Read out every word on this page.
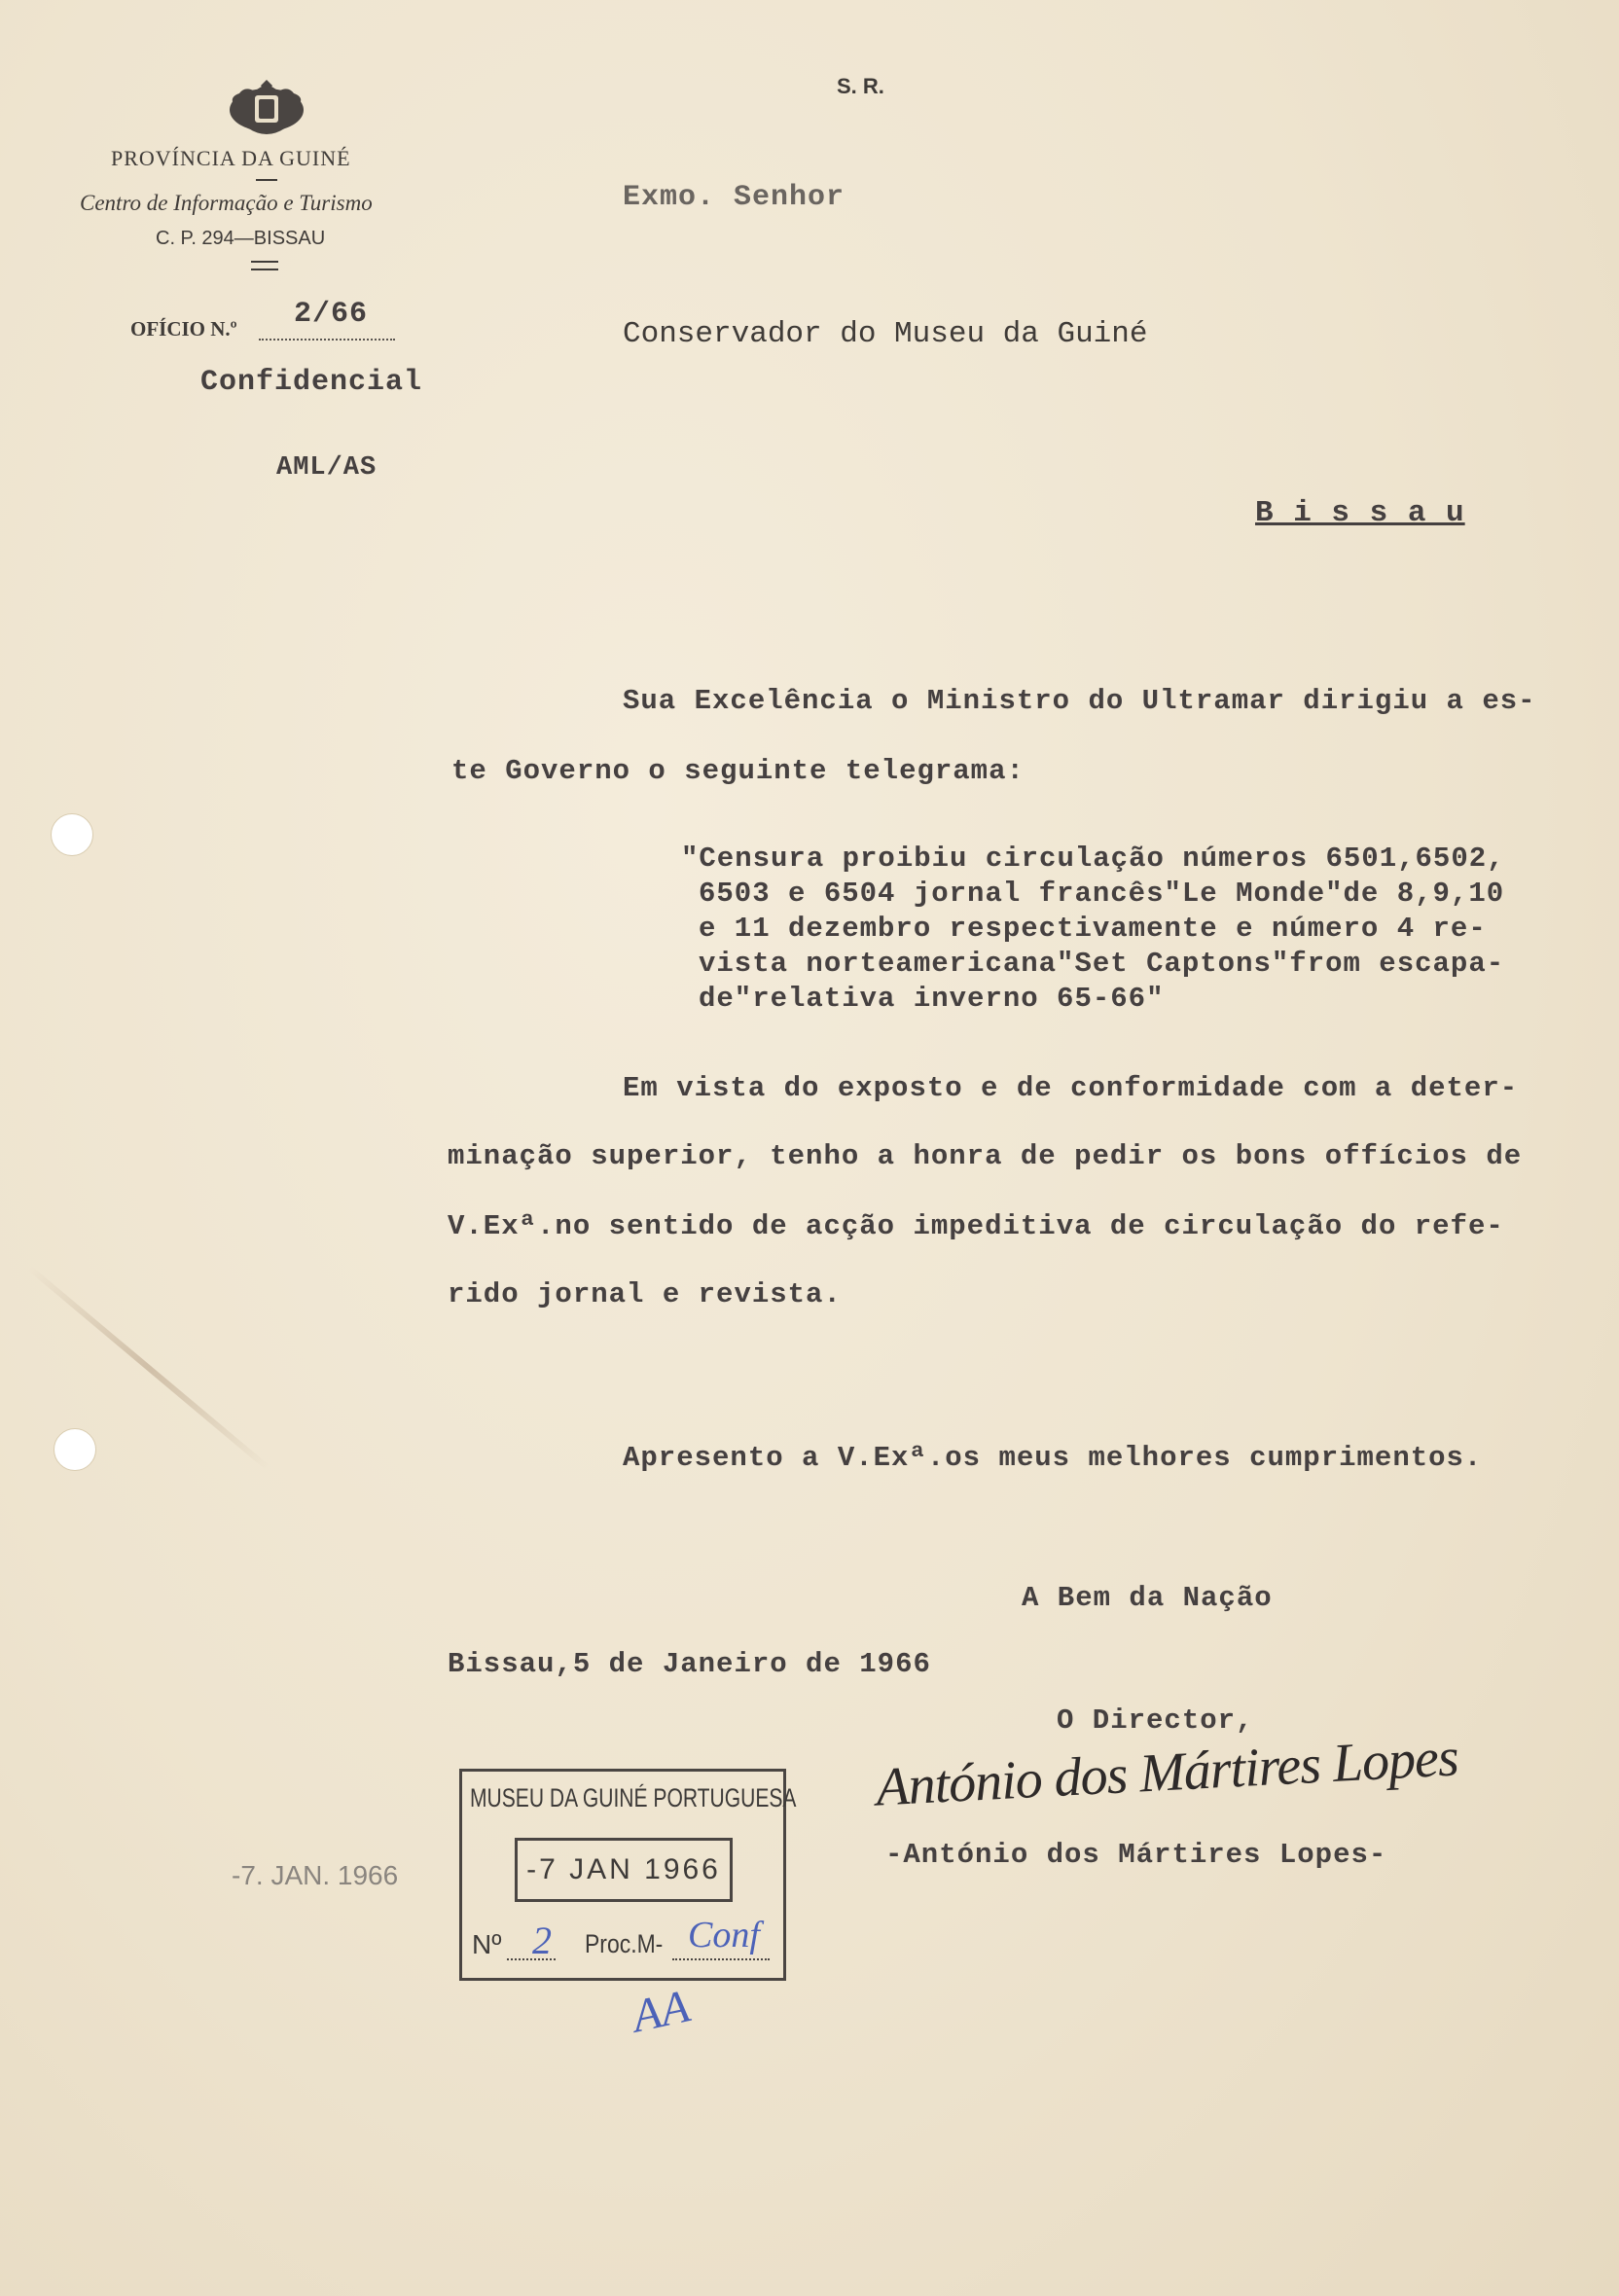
PROVÍNCIA DA GUINÉ
Centro de Informação e Turismo
C. P. 294—BISSAU
OFÍCIO N.º 2/66
Confidencial
AML/AS
S. R.
Exmo. Senhor
Conservador do Museu da Guiné
B i s s a u
Sua Excelência o Ministro do Ultramar dirigiu a es-
te Governo o seguinte telegrama:
"Censura proibiu circulação números 6501,6502,
6503 e 6504 jornal francês"Le Monde"de 8,9,10
e 11 dezembro respectivamente e número 4 re-
vista norteamericana"Set Captons"from escapa-
de"relativa inverno 65-66"
Em vista do exposto e de conformidade com a deter-
minação superior, tenho a honra de pedir os bons offícios de
V.Exª.no sentido de acção impeditiva de circulação do refe-
rido jornal e revista.
Apresento a V.Exª.os meus melhores cumprimentos.
A Bem da Nação
Bissau,5 de Janeiro de 1966
O Director,
António dos Mártires Lopes
-António dos Mártires Lopes-
-7. JAN. 1966
MUSEU DA GUINÉ PORTUGUESA
-7 JAN 1966
Nº 2 Proc.M- Conf
AA
